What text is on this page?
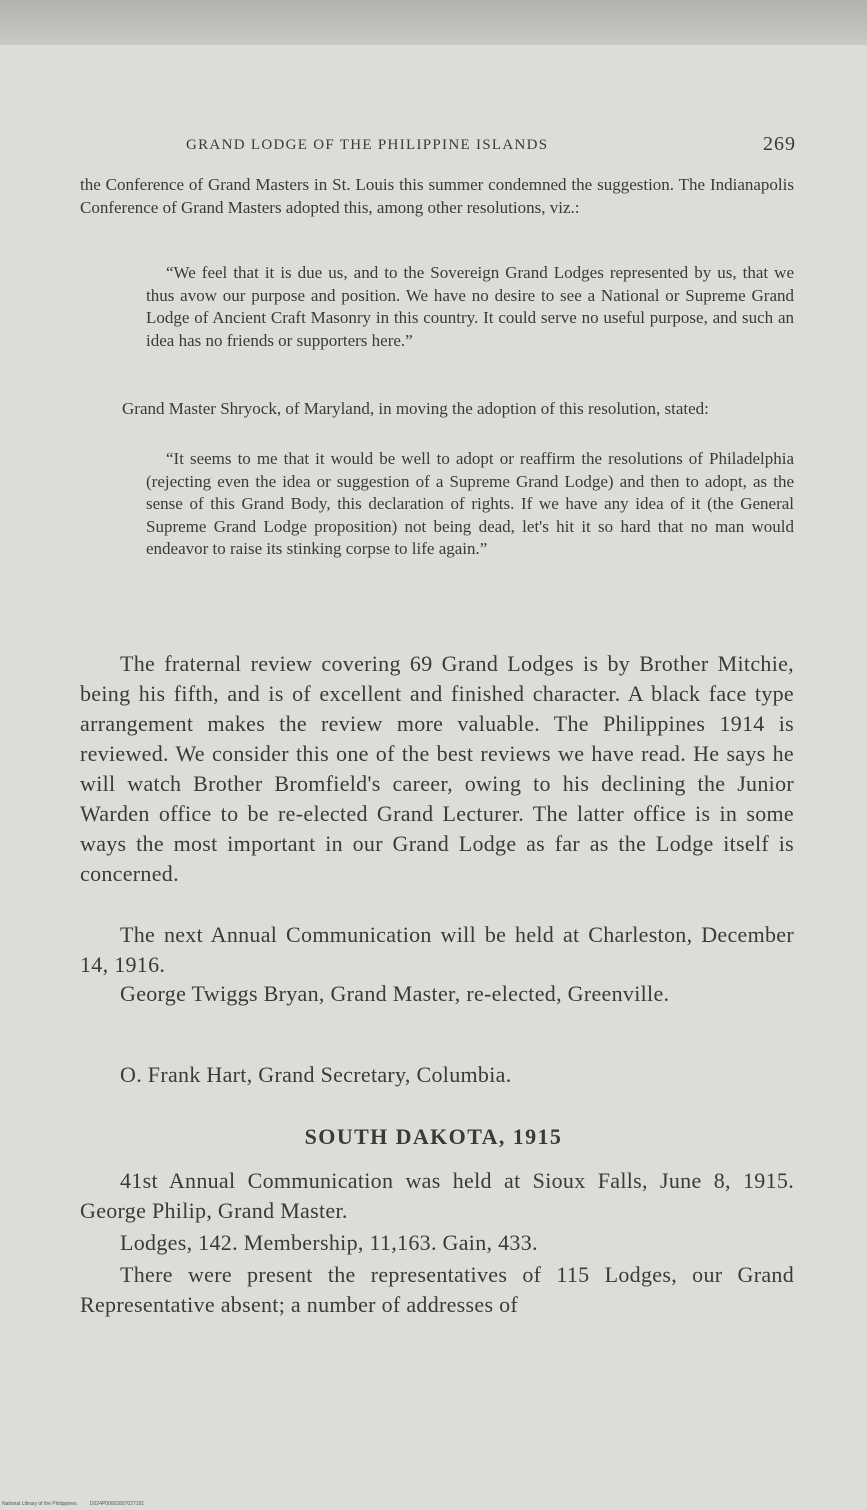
GRAND LODGE OF THE PHILIPPINE ISLANDS	269

the Conference of Grand Masters in St. Louis this summer condemned the suggestion. The Indianapolis Conference of Grand Masters adopted this, among other resolutions, viz.:

“We feel that it is due us, and to the Sovereign Grand Lodges represented by us, that we thus avow our purpose and position. We have no desire to see a National or Supreme Grand Lodge of Ancient Craft Masonry in this country. It could serve no useful purpose, and such an idea has no friends or supporters here.”

Grand Master Shryock, of Maryland, in moving the adoption of this resolution, stated:

“It seems to me that it would be well to adopt or reaffirm the resolutions of Philadelphia (rejecting even the idea or suggestion of a Supreme Grand Lodge) and then to adopt, as the sense of this Grand Body, this declaration of rights. If we have any idea of it (the General Supreme Grand Lodge proposition) not being dead, let's hit it so hard that no man would endeavor to raise its stinking corpse to life again.”

The fraternal review covering 69 Grand Lodges is by Brother Mitchie, being his fifth, and is of excellent and finished character. A black face type arrangement makes the review more valuable. The Philippines 1914 is reviewed. We consider this one of the best reviews we have read. He says he will watch Brother Bromfield's career, owing to his declining the Junior Warden office to be re-elected Grand Lecturer. The latter office is in some ways the most important in our Grand Lodge as far as the Lodge itself is concerned.

The next Annual Communication will be held at Charleston, December 14, 1916.

George Twiggs Bryan, Grand Master, re-elected, Greenville.

O. Frank Hart, Grand Secretary, Columbia.

SOUTH DAKOTA, 1915

41st Annual Communication was held at Sioux Falls, June 8, 1915. George Philip, Grand Master.

Lodges, 142. Membership, 11,163. Gain, 433.

There were present the representatives of 115 Lodges, our Grand Representative absent; a number of addresses of

National Library of the Philippines	D024P00003897027191
